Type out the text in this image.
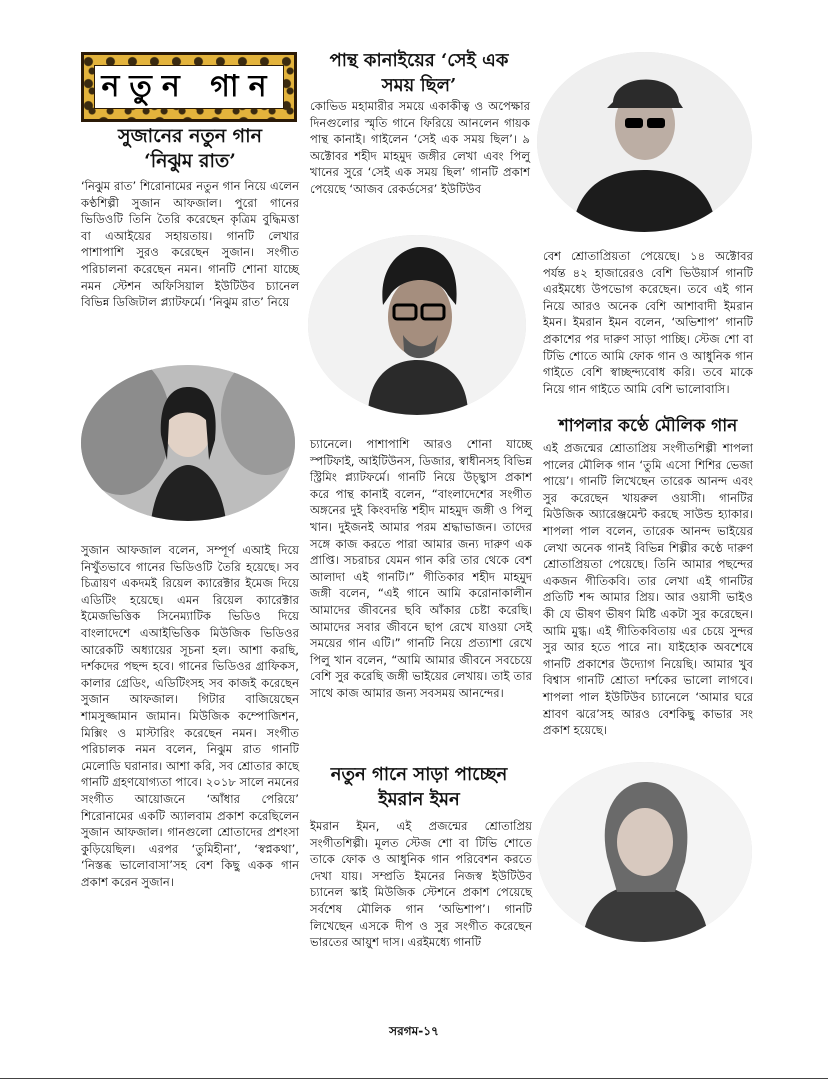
নতুন গান

সুজানের নতুন গান

‘নিঝুম রাত’

‘নিঝুম রাত’ শিরোনামের নতুন গান নিয়ে এলেন কণ্ঠশিল্পী সুজান আফজাল। পুরো গানের ভিডিওটি তিনি তৈরি করেছেন কৃত্রিম বুদ্ধিমত্তা বা এআইয়ের সহায়তায়। গানটি লেখার পাশাপাশি সুরও করেছেন সুজান। সংগীত পরিচালনা করেছেন নমন। গানটি শোনা যাচ্ছে নমন স্টেশন অফিসিয়াল ইউটিউব চ্যানেল বিভিন্ন ডিজিটাল প্ল্যাটফর্মে। ‘নিঝুম রাত’ নিয়ে

সুজান আফজাল বলেন, সম্পূর্ণ এআই দিয়ে নিখুঁতভাবে গানের ভিডিওটি তৈরি হয়েছে। সব চিত্রায়ণ একদমই রিয়েল ক্যারেক্টার ইমেজ দিয়ে এডিটিং হয়েছে। এমন রিয়েল ক্যারেক্টার ইমেজভিত্তিক সিনেম্যাটিক ভিডিও দিয়ে বাংলাদেশে এআইভিত্তিক মিউজিক ভিডিওর আরেকটি অধ্যায়ের সূচনা হল। আশা করছি, দর্শকদের পছন্দ হবে। গানের ভিডিওর গ্রাফিকস, কালার গ্রেডিং, এডিটিংসহ সব কাজই করেছেন সুজান আফজাল। গিটার বাজিয়েছেন শামসুজ্জামান জামান। মিউজিক কম্পোজিশন, মিক্সিং ও মাস্টারিং করেছেন নমন। সংগীত পরিচালক নমন বলেন, নিঝুম রাত গানটি মেলোডি ঘরানার। আশা করি, সব শ্রোতার কাছে গানটি গ্রহণযোগ্যতা পাবে। ২০১৮ সালে নমনের সংগীত আয়োজনে ‘আঁধার পেরিয়ে’ শিরোনামের একটি অ্যালবাম প্রকাশ করেছিলেন সুজান আফজাল। গানগুলো শ্রোতাদের প্রশংসা কুড়িয়েছিল। এরপর ‘তুমিহীনা’, ‘স্বপ্নকথা’, ‘নিস্তব্ধ ভালোবাসা’সহ বেশ কিছু একক গান প্রকাশ করেন সুজান।

পান্থ কানাইয়ের ‘সেই এক

সময় ছিল’

কোভিড মহামারীর সময়ে একাকীত্ব ও অপেক্ষার দিনগুলোর স্মৃতি গানে ফিরিয়ে আনলেন গায়ক পান্থ কানাই। গাইলেন ‘সেই এক সময় ছিল’। ৯ অক্টোবর শহীদ মাহমুদ জঙ্গীর লেখা এবং পিলু খানের সুরে ‘সেই এক সময় ছিল’ গানটি প্রকাশ পেয়েছে ‘আজব রেকর্ডসের’ ইউটিউব

চ্যানেলে। পাশাপাশি আরও শোনা যাচ্ছে স্পটিফাই, আইটিউনস, ডিজার, স্বাধীনসহ বিভিন্ন স্ট্রিমিং প্ল্যাটফর্মে। গানটি নিয়ে উচ্ছ্বাস প্রকাশ করে পান্থ কানাই বলেন, “বাংলাদেশের সংগীত অঙ্গনের দুই কিংবদন্তি শহীদ মাহমুদ জঙ্গী ও পিলু খান। দুইজনই আমার পরম শ্রদ্ধাভাজন। তাদের সঙ্গে কাজ করতে পারা আমার জন্য দারুণ এক প্রাপ্তি। সচরাচর যেমন গান করি তার থেকে বেশ আলাদা এই গানটি।” গীতিকার শহীদ মাহমুদ জঙ্গী বলেন, “এই গানে আমি করোনাকালীন আমাদের জীবনের ছবি আঁকার চেষ্টা করেছি। আমাদের সবার জীবনে ছাপ রেখে যাওয়া সেই সময়ের গান এটি।” গানটি নিয়ে প্রত্যাশা রেখে পিলু খান বলেন, “আমি আমার জীবনে সবচেয়ে বেশি সুর করেছি জঙ্গী ভাইয়ের লেখায়। তাই তার সাথে কাজ আমার জন্য সবসময় আনন্দের।

নতুন গানে সাড়া পাচ্ছেন

ইমরান ইমন

ইমরান ইমন, এই প্রজন্মের শ্রোতাপ্রিয় সংগীতশিল্পী। মূলত স্টেজ শো বা টিভি শোতে তাকে ফোক ও আধুনিক গান পরিবেশন করতে দেখা যায়। সম্প্রতি ইমনের নিজস্ব ইউটিউব চ্যানেল স্কাই মিউজিক স্টেশনে প্রকাশ পেয়েছে সর্বশেষ মৌলিক গান ‘অভিশাপ’। গানটি লিখেছেন এসকে দীপ ও সুর সংগীত করেছেন ভারতের আয়ুশ দাস। এরইমধ্যে গানটি

বেশ শ্রোতাপ্রিয়তা পেয়েছে। ১৪ অক্টোবর পর্যন্ত ৪২ হাজারেরও বেশি ভিউয়ার্স গানটি এরইমধ্যে উপভোগ করেছেন। তবে এই গান নিয়ে আরও অনেক বেশি আশাবাদী ইমরান ইমন। ইমরান ইমন বলেন, ‘অভিশাপ’ গানটি প্রকাশের পর দারুণ সাড়া পাচ্ছি। স্টেজ শো বা টিভি শোতে আমি ফোক গান ও আধুনিক গান গাইতে বেশি স্বাচ্ছন্দ্যবোধ করি। তবে মাকে নিয়ে গান গাইতে আমি বেশি ভালোবাসি।

শাপলার কণ্ঠে মৌলিক গান

এই প্রজন্মের শ্রোতাপ্রিয় সংগীতশিল্পী শাপলা পালের মৌলিক গান ‘তুমি এসো শিশির ভেজা পায়ে’। গানটি লিখেছেন তারেক আনন্দ এবং সুর করেছেন খায়রুল ওয়াসী। গানটির মিউজিক অ্যারেঞ্জমেন্ট করছে সাউন্ড হ্যাকার। শাপলা পাল বলেন, তারেক আনন্দ ভাইয়ের লেখা অনেক গানই বিভিন্ন শিল্পীর কণ্ঠে দারুণ শ্রোতাপ্রিয়তা পেয়েছে। তিনি আমার পছন্দের একজন গীতিকবি। তার লেখা এই গানটির প্রতিটি শব্দ আমার প্রিয়। আর ওয়াসী ভাইও কী যে ভীষণ ভীষণ মিষ্টি একটা সুর করেছেন। আমি মুগ্ধ। এই গীতিকবিতায় এর চেয়ে সুন্দর সুর আর হতে পারে না। যাইহোক অবশেষে গানটি প্রকাশের উদ্যোগ নিয়েছি। আমার খুব বিশ্বাস গানটি শ্রোতা দর্শকের ভালো লাগবে। শাপলা পাল ইউটিউব চ্যানেলে ‘আমার ঘরে শ্রাবণ ঝরে’সহ আরও বেশকিছু কাভার সং প্রকাশ হয়েছে।

সরগম-১৭
